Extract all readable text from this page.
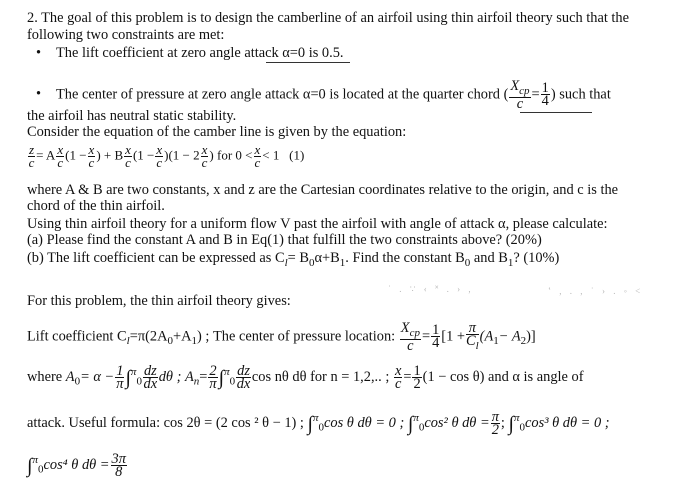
2. The goal of this problem is to design the camberline of an airfoil using thin airfoil theory such that the
following two constraints are met:
• The lift coefficient at zero angle attack α=0 is 0.5.
• The center of pressure at zero angle attack α=0 is located at the quarter chord ( $\frac{X_{cp}}{c} = \frac{1}{4}$ ) such that
the airfoil has neutral static stability.
Consider the equation of the camber line is given by the equation:
$\frac{z}{c} = A \frac{x}{c} (1 - \frac{x}{c}$ ) + B $\frac{x}{c} (1 - \frac{x}{c} )(1 - 2 \frac{x}{c}$ ) for $0 < \frac{x}{c} < 1$ (1)
where A & B are two constants, x and z are the Cartesian coordinates relative to the origin, and c is the
chord of the thin airfoil.
Using thin airfoil theory for a uniform flow V past the airfoil with angle of attack α, please calculate:
(a) Please find the constant A and B in Eq(1) that fulfill the two constraints above? (20%)
(b) The lift coefficient can be expressed as $C_l= B_0\alpha+B_1$. Find the constant $B_0$ and $B_1$? (10%)
˙ . ∵ ‹ ˟ . › ,	‛ , . , ˙ › . ◦ ˂
For this problem, the thin airfoil theory gives:
Lift coefficient $C_l=\pi(2A_0+A_1)$ ; The center of pressure location: $\frac{X_{cp}}{c} = \frac{1}{4} [1 + \frac{\pi}{C_l} (A_1- A_2)]$
where $A_0= \alpha - \frac{1}{\pi} \int^\pi_0 \frac{dz}{dx}$ dθ ; $A_n= \frac{2}{\pi} \int^\pi_0 \frac{dz}{dx}$ cos nθ dθ for n = 1,2,.. ; $\frac{x}{c} = \frac{1}{2} (1 - \cos \theta)$ and α is angle of
attack. Useful formula: cos 2θ = (2 cos ² θ − 1) ; ∫$^\pi_0$cos θ dθ = 0 ; ∫$^\pi_0$cos² θ $d\theta = \frac{\pi}{2}$ ; ∫$^\pi_0$cos³ θ dθ = 0 ;
∫$^\pi_0$cos⁴ θ $d\theta = \frac{3\pi}{8}$
